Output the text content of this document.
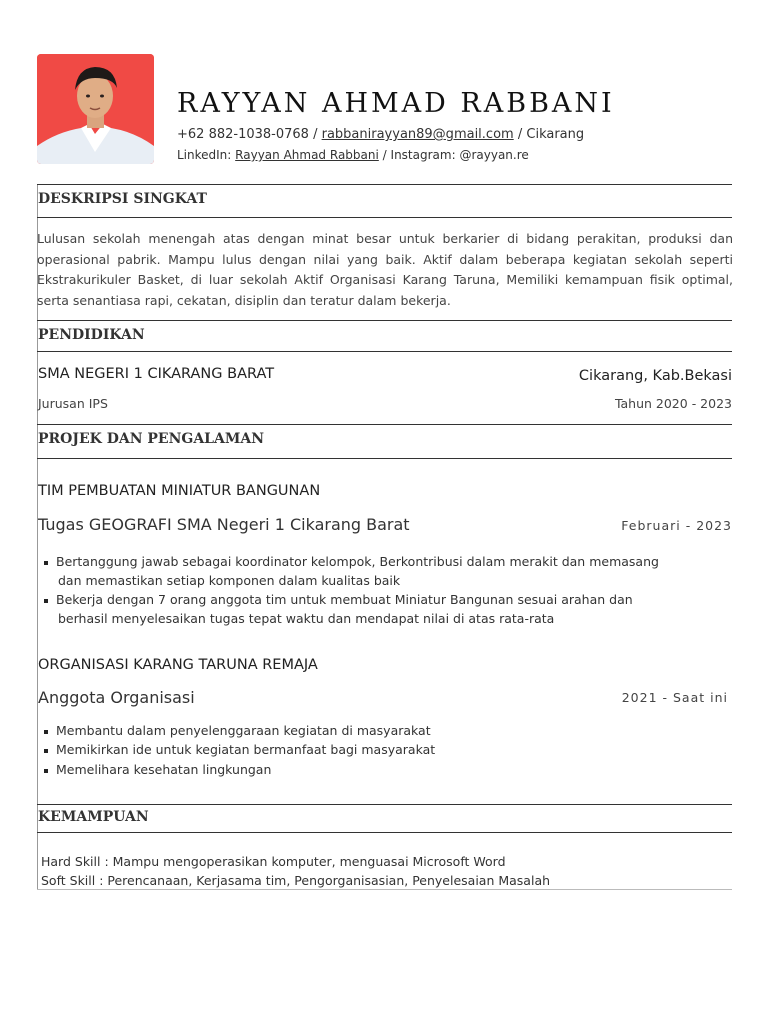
RAYYAN AHMAD RABBANI
+62 882-1038-0768 / rabbanirayyan89@gmail.com / Cikarang
LinkedIn: Rayyan Ahmad Rabbani / Instagram: @rayyan.re
DESKRIPSI SINGKAT
Lulusan sekolah menengah atas dengan minat besar untuk berkarier di bidang perakitan, produksi dan operasional pabrik. Mampu lulus dengan nilai yang baik. Aktif dalam beberapa kegiatan sekolah seperti Ekstrakurikuler Basket, di luar sekolah Aktif Organisasi Karang Taruna, Memiliki kemampuan fisik optimal, serta senantiasa rapi, cekatan, disiplin dan teratur dalam bekerja.
PENDIDIKAN
SMA NEGERI 1 CIKARANG BARAT	Cikarang, Kab.Bekasi
Jurusan IPS	Tahun 2020 - 2023
PROJEK DAN PENGALAMAN
TIM PEMBUATAN MINIATUR BANGUNAN
Tugas GEOGRAFI SMA Negeri 1 Cikarang Barat	Februari - 2023
Bertanggung jawab sebagai koordinator kelompok, Berkontribusi dalam merakit dan memasang
dan memastikan setiap komponen dalam kualitas baik
Bekerja dengan 7 orang anggota tim untuk membuat Miniatur Bangunan sesuai arahan dan
berhasil menyelesaikan tugas tepat waktu dan mendapat nilai di atas rata-rata
ORGANISASI KARANG TARUNA REMAJA
Anggota Organisasi	2021 - Saat ini
Membantu dalam penyelenggaraan kegiatan di masyarakat
Memikirkan ide untuk kegiatan bermanfaat bagi masyarakat
Memelihara kesehatan lingkungan
KEMAMPUAN
Hard Skill : Mampu mengoperasikan komputer, menguasai Microsoft Word
Soft Skill : Perencanaan, Kerjasama tim, Pengorganisasian, Penyelesaian Masalah
